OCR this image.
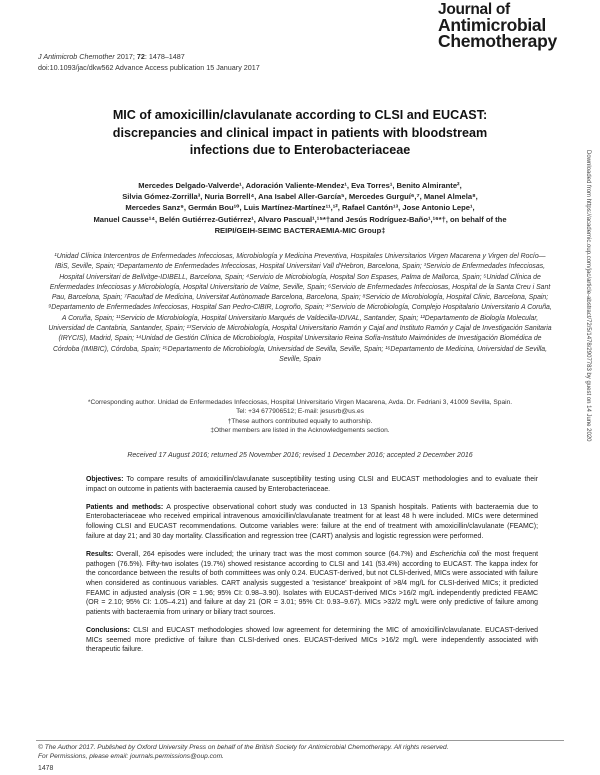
J Antimicrob Chemother 2017; 72: 1478–1487
doi:10.1093/jac/dkw562 Advance Access publication 15 January 2017
Journal of
Antimicrobial
Chemotherapy
MIC of amoxicillin/clavulanate according to CLSI and EUCAST:
discrepancies and clinical impact in patients with bloodstream
infections due to Enterobacteriaceae
Mercedes Delgado-Valverde¹, Adoración Valiente-Mendez¹, Eva Torres¹, Benito Almirante²,
Silvia Gómez-Zorrilla³, Nuria Borrell⁴, Ana Isabel Aller-García⁵, Mercedes Gurguí⁶,⁷, Manel Almela⁸,
Mercedes Sanz⁹, Germán Bou¹⁰, Luis Martínez-Martínez¹¹,¹², Rafael Cantón¹³, Jose Antonio Lepe¹,
Manuel Causse¹⁴, Belén Gutiérrez-Gutiérrez¹, Alvaro Pascual¹,¹⁵*†and Jesús Rodríguez-Baño¹,¹⁶*†, on behalf of the
REIPI/GEIH-SEIMC BACTERAEMIA-MIC Group‡
¹Unidad Clínica Intercentros de Enfermedades Infecciosas, Microbiología y Medicina Preventiva, Hospitales Universitarios Virgen Macarena y Virgen del Rocío—IBiS, Seville, Spain; ²Departamento de Enfermedades Infecciosas, Hospital Universitari Vall d'Hebron, Barcelona, Spain; ³Servicio de Enfermedades Infecciosas, Hospital Universitari de Bellvitge-IDIBELL, Barcelona, Spain; ⁴Servicio de Microbiología, Hospital Son Espases, Palma de Mallorca, Spain; ⁵Unidad Clínica de Enfermedades Infecciosas y Microbiología, Hospital Universitario de Valme, Seville, Spain; ⁶Servicio de Enfermedades Infecciosas, Hospital de la Santa Creu i Sant Pau, Barcelona, Spain; ⁷Facultad de Medicina, Universitat Autònomade Barcelona, Barcelona, Spain; ⁸Servicio de Microbiología, Hospital Clinic, Barcelona, Spain; ⁹Departamento de Enfermedades Infecciosas, Hospital San Pedro-CIBIR, Logroño, Spain; ¹⁰Servicio de Microbiología, Complejo Hospitalario Universitario A Coruña, A Coruña, Spain; ¹¹Servicio de Microbiología, Hospital Universitario Marqués de Valdecilla-IDIVAL, Santander, Spain; ¹²Departamento de Biología Molecular, Universidad de Cantabria, Santander, Spain; ¹³Servicio de Microbiología, Hospital Universitario Ramón y Cajal and Instituto Ramón y Cajal de Investigación Sanitaria (IRYCIS), Madrid, Spain; ¹⁴Unidad de Gestión Clínica de Microbiología, Hospital Universitario Reina Sofía-Instituto Maimónides de Investigación Biomédica de Córdoba (IMIBIC), Córdoba, Spain; ¹⁵Departamento de Microbiología, Universidad de Sevilla, Seville, Spain; ¹⁶Departamento de Medicina, Universidad de Sevilla, Seville, Spain
*Corresponding author. Unidad de Enfermedades Infecciosas, Hospital Universitario Virgen Macarena, Avda. Dr. Fedriani 3, 41009 Sevilla, Spain.
Tel: +34 677906512; E-mail: jesusrb@us.es
†These authors contributed equally to authorship.
‡Other members are listed in the Acknowledgements section.
Received 17 August 2016; returned 25 November 2016; revised 1 December 2016; accepted 2 December 2016

Objectives: To compare results of amoxicillin/clavulanate susceptibility testing using CLSI and EUCAST methodologies and to evaluate their impact on outcome in patients with bacteraemia caused by Enterobacteriaceae.

Patients and methods: A prospective observational cohort study was conducted in 13 Spanish hospitals. Patients with bacteraemia due to Enterobacteriaceae who received empirical intravenous amoxicillin/clavulanate treatment for at least 48 h were included. MICs were determined following CLSI and EUCAST recommendations. Outcome variables were: failure at the end of treatment with amoxicillin/clavulanate (FEAMC); failure at day 21; and 30 day mortality. Classification and regression tree (CART) analysis and logistic regression were performed.

Results: Overall, 264 episodes were included; the urinary tract was the most common source (64.7%) and Escherichia coli the most frequent pathogen (76.5%). Fifty-two isolates (19.7%) showed resistance according to CLSI and 141 (53.4%) according to EUCAST. The kappa index for the concordance between the results of both committees was only 0.24. EUCAST-derived, but not CLSI-derived, MICs were associated with failure when considered as continuous variables. CART analysis suggested a 'resistance' breakpoint of >8/4 mg/L for CLSI-derived MICs; it predicted FEAMC in adjusted analysis (OR = 1.96; 95% CI: 0.98–3.90). Isolates with EUCAST-derived MICs >16/2 mg/L independently predicted FEAMC (OR = 2.10; 95% CI: 1.05–4.21) and failure at day 21 (OR = 3.01; 95% CI: 0.93–9.67). MICs >32/2 mg/L were only predictive of failure among patients with bacteraemia from urinary or biliary tract sources.

Conclusions: CLSI and EUCAST methodologies showed low agreement for determining the MIC of amoxicillin/clavulanate. EUCAST-derived MICs seemed more predictive of failure than CLSI-derived ones. EUCAST-derived MICs >16/2 mg/L were independently associated with therapeutic failure.

Downloaded from https://academic.oup.com/jac/article-abstract/72/5/1478/2907783 by guest on 14 June 2020
© The Author 2017. Published by Oxford University Press on behalf of the British Society for Antimicrobial Chemotherapy. All rights reserved.
For Permissions, please email: journals.permissions@oup.com.
1478
